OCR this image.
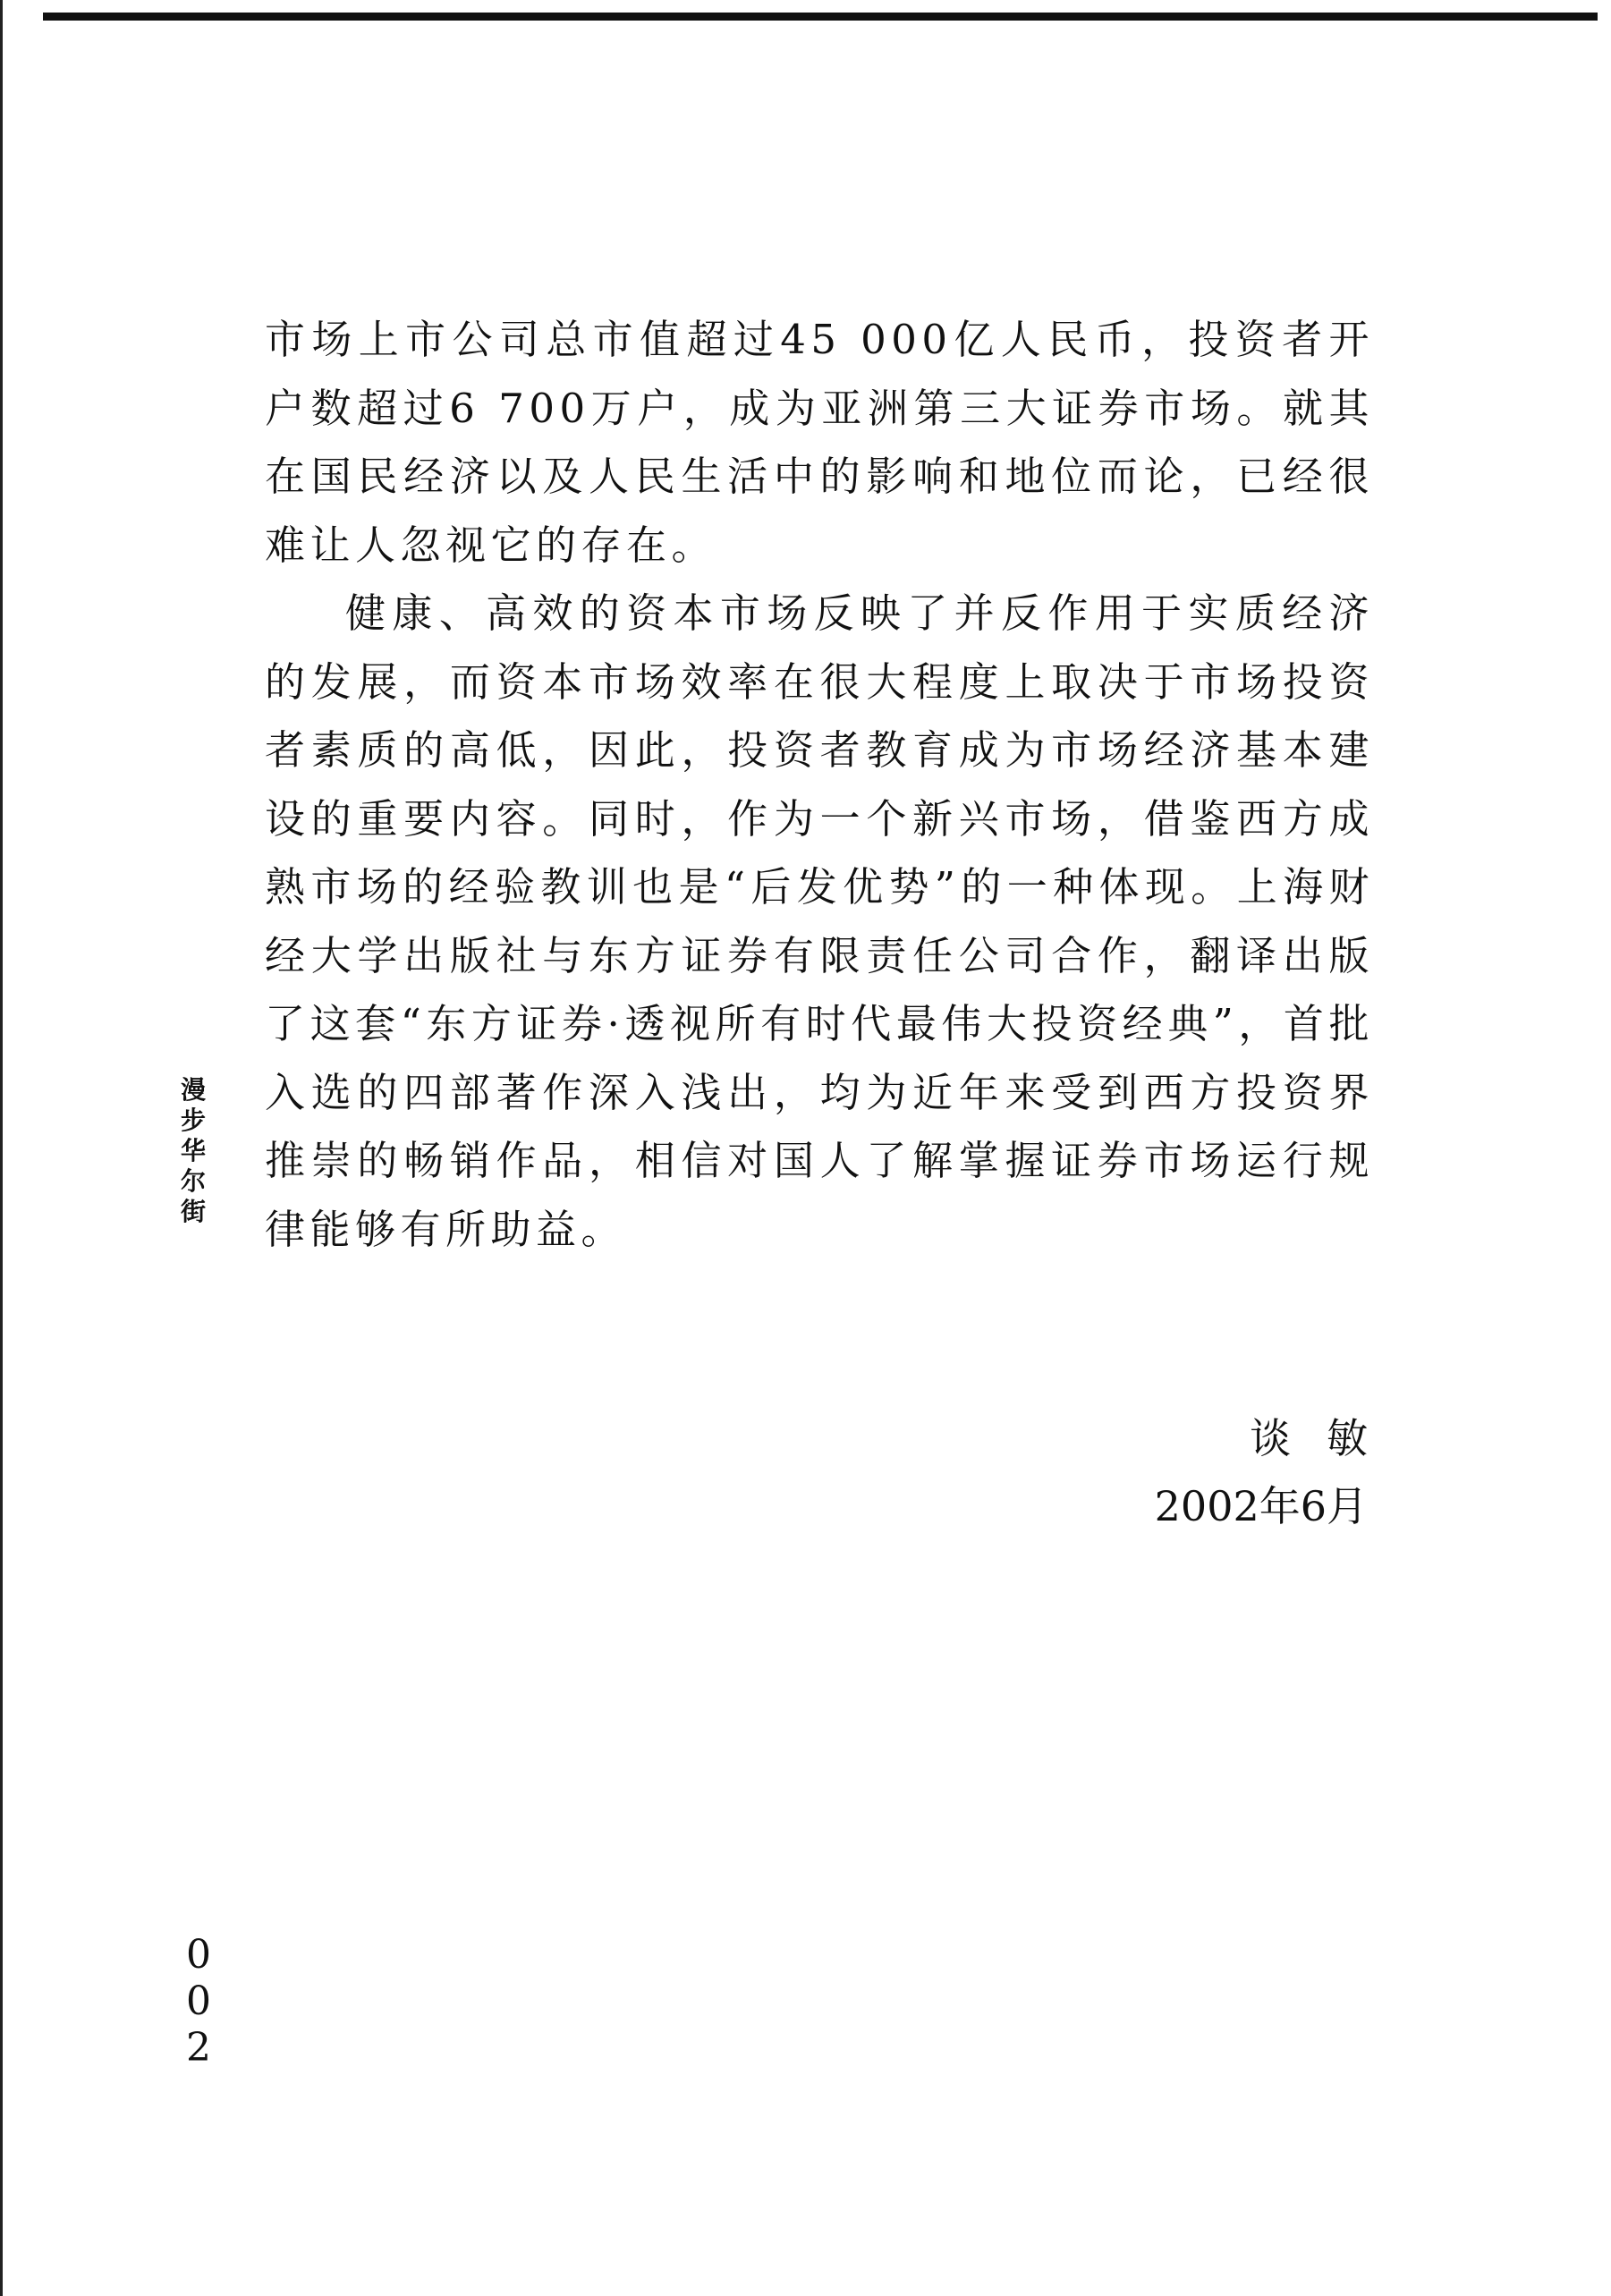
市场上市公司总市值超过45 000亿人民币，投资者开户数超过6 700万户，成为亚洲第三大证券市场。就其在国民经济以及人民生活中的影响和地位而论，已经很难让人忽视它的存在。

健康、高效的资本市场反映了并反作用于实质经济的发展，而资本市场效率在很大程度上取决于市场投资者素质的高低，因此，投资者教育成为市场经济基本建设的重要内容。同时，作为一个新兴市场，借鉴西方成熟市场的经验教训也是“后发优势”的一种体现。上海财经大学出版社与东方证券有限责任公司合作，翻译出版了这套“东方证券·透视所有时代最伟大投资经典”，首批入选的四部著作深入浅出，均为近年来受到西方投资界推崇的畅销作品，相信对国人了解掌握证券市场运行规律能够有所助益。

谈敏
2002年6月
漫步华尔街
002
